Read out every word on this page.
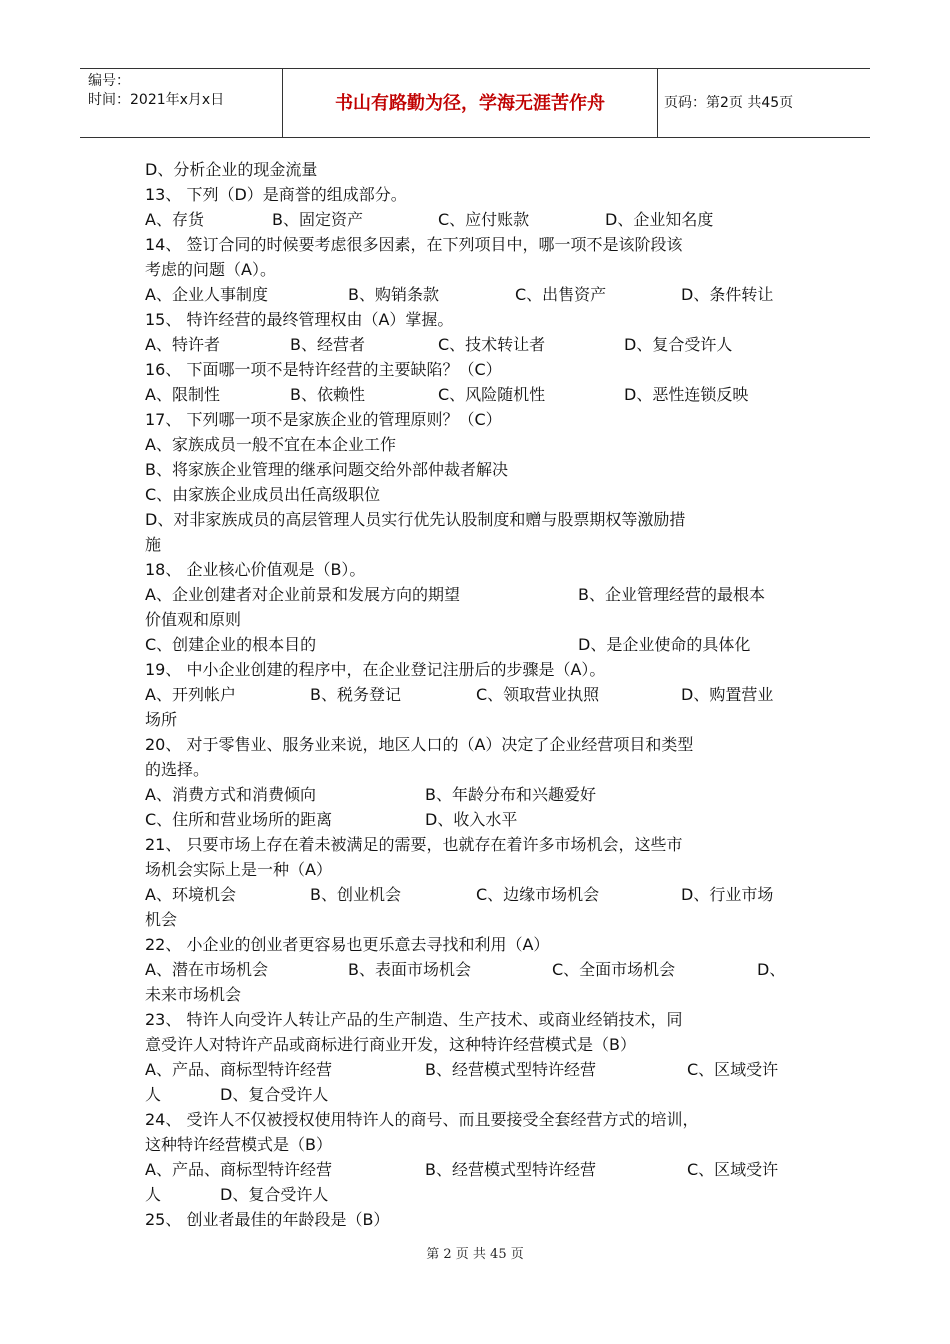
编号：
时间：2021年x月x日	书山有路勤为径，学海无涯苦作舟	页码：第2页 共45页
D、分析企业的现金流量
13、 下列（D）是商誉的组成部分。
A、存货	B、固定资产	C、应付账款	D、企业知名度
14、 签订合同的时候要考虑很多因素，在下列项目中，哪一项不是该阶段该
考虑的问题（A）。
A、企业人事制度	B、购销条款	C、出售资产	D、条件转让
15、 特许经营的最终管理权由（A）掌握。
A、特许者	B、经营者	C、技术转让者	D、复合受许人
16、 下面哪一项不是特许经营的主要缺陷？（C）
A、限制性	B、依赖性	C、风险随机性	D、恶性连锁反映
17、 下列哪一项不是家族企业的管理原则？（C）
A、家族成员一般不宜在本企业工作
B、将家族企业管理的继承问题交给外部仲裁者解决
C、由家族企业成员出任高级职位
D、对非家族成员的高层管理人员实行优先认股制度和赠与股票期权等激励措
施
18、 企业核心价值观是（B）。
A、企业创建者对企业前景和发展方向的期望	B、企业管理经营的最根本
价值观和原则
C、创建企业的根本目的	D、是企业使命的具体化
19、 中小企业创建的程序中，在企业登记注册后的步骤是（A）。
A、开列帐户	B、税务登记	C、领取营业执照	D、购置营业
场所
20、 对于零售业、服务业来说，地区人口的（A）决定了企业经营项目和类型
的选择。
A、消费方式和消费倾向	B、年龄分布和兴趣爱好
C、住所和营业场所的距离	D、收入水平
21、 只要市场上存在着未被满足的需要，也就存在着许多市场机会，这些市
场机会实际上是一种（A）
A、环境机会	B、创业机会	C、边缘市场机会	D、行业市场
机会
22、 小企业的创业者更容易也更乐意去寻找和利用（A）
A、潜在市场机会	B、表面市场机会	C、全面市场机会	D、
未来市场机会
23、 特许人向受许人转让产品的生产制造、生产技术、或商业经销技术，同
意受许人对特许产品或商标进行商业开发，这种特许经营模式是（B）
A、产品、商标型特许经营	B、经营模式型特许经营	C、区域受许
人	D、复合受许人
24、 受许人不仅被授权使用特许人的商号、而且要接受全套经营方式的培训，
这种特许经营模式是（B）
A、产品、商标型特许经营	B、经营模式型特许经营	C、区域受许
人	D、复合受许人
25、 创业者最佳的年龄段是（B）
第 2 页 共 45 页
